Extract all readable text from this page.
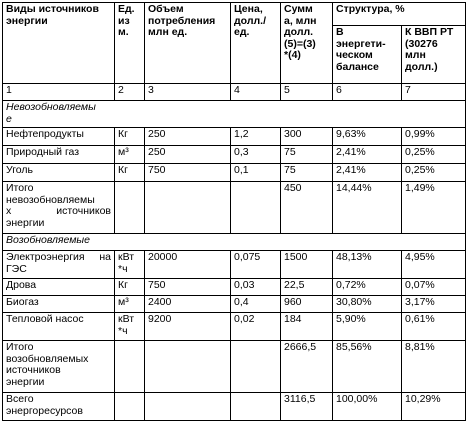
Виды источников
энергии	Ед.
из
м.	Объем
потребления
млн ед.	Цена,
долл./
ед.	Сумм
а, млн
долл.
(5)=(3)
*(4)	Структура, %	
					В
энергети-
ческом
балансе	К ВВП РТ
(30276
млн
долл.)
1	2	3	4	5	6	7
Невозобновляемы
е						
Нефтепродукты	Кг	250	1,2	300	9,63%	0,99%
Природный газ	м³	250	0,3	75	2,41%	0,25%
Уголь	Кг	750	0,1	75	2,41%	0,25%
Итого
невозобновляемы
х источников
энергии				450	14,44%	1,49%
Возобновляемые						
Электроэнергия на
ГЭС	кВт
*ч	20000	0,075	1500	48,13%	4,95%
Дрова	Кг	750	0,03	22,5	0,72%	0,07%
Биогаз	м³	2400	0,4	960	30,80%	3,17%
Тепловой насос	кВт
*ч	9200	0,02	184	5,90%	0,61%
Итого
возобновляемых
источников
энергии				2666,5	85,56%	8,81%
Всего
энергоресурсов				3116,5	100,00%	10,29%
